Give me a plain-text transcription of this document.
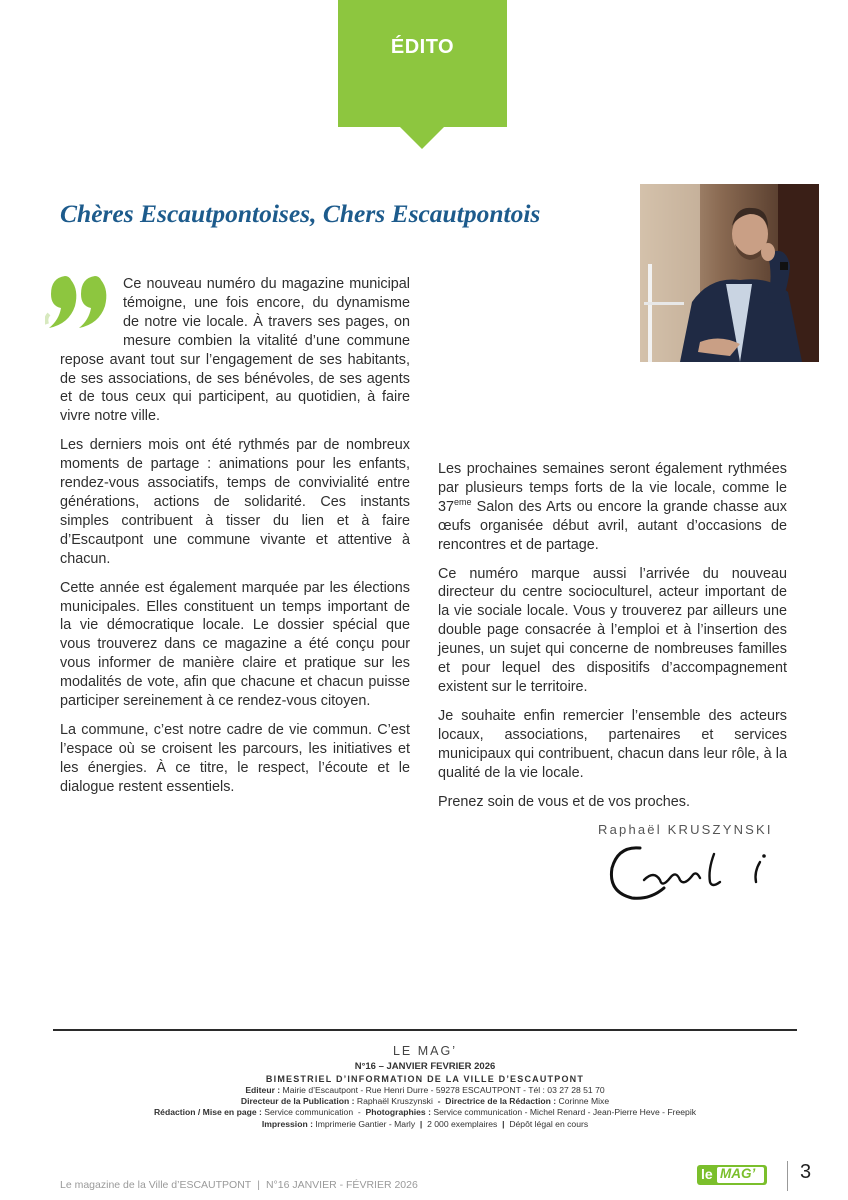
ÉDITO
Chères Escautpontoises, Chers Escautpontois

Ce nouveau numéro du magazine municipal témoigne, une fois encore, du dynamisme de notre vie locale. À travers ses pages, on mesure combien la vitalité d’une commune repose avant tout sur l’engagement de ses habitants, de ses associations, de ses bénévoles, de ses agents et de tous ceux qui participent, au quotidien, à faire vivre notre ville.

Les derniers mois ont été rythmés par de nombreux moments de partage : animations pour les enfants, rendez-vous associatifs, temps de convivialité entre générations, actions de solidarité. Ces instants simples contribuent à tisser du lien et à faire d’Escautpont une commune vivante et attentive à chacun.

Cette année est également marquée par les élections municipales. Elles constituent un temps important de la vie démocratique locale. Le dossier spécial que vous trouverez dans ce magazine a été conçu pour vous informer de manière claire et pratique sur les modalités de vote, afin que chacune et chacun puisse participer sereinement à ce rendez-vous citoyen.

La commune, c’est notre cadre de vie commun. C’est l’espace où se croisent les parcours, les initiatives et les énergies. À ce titre, le respect, l’écoute et le dialogue restent essentiels.

Les prochaines semaines seront également rythmées par plusieurs temps forts de la vie locale, comme le 37eme Salon des Arts ou encore la grande chasse aux œufs organisée début avril, autant d’occasions de rencontres et de partage.

Ce numéro marque aussi l’arrivée du nouveau directeur du centre socioculturel, acteur important de la vie sociale locale. Vous y trouverez par ailleurs une double page consacrée à l’emploi et à l’insertion des jeunes, un sujet qui concerne de nombreuses familles et pour lequel des dispositifs d’accompagnement existent sur le territoire.

Je souhaite enfin remercier l’ensemble des acteurs locaux, associations, partenaires et services municipaux qui contribuent, chacun dans leur rôle, à la qualité de la vie locale.

Prenez soin de vous et de vos proches.

Raphaël KRUSZYNSKI
LE MAG’
N°16 – JANVIER FEVRIER 2026
BIMESTRIEL D’INFORMATION DE LA VILLE D’ESCAUTPONT
Editeur : Mairie d’Escautpont - Rue Henri Durre - 59278 ESCAUTPONT - Tél : 03 27 28 51 70
Directeur de la Publication : Raphaël Kruszynski - Directrice de la Rédaction : Corinne Mixe
Rédaction / Mise en page : Service communication - Photographies : Service communication - Michel Renard - Jean-Pierre Heve - Freepik
Impression : Imprimerie Gantier - Marly | 2 000 exemplaires | Dépôt légal en cours
Le magazine de la Ville d’ESCAUTPONT | N°16 JANVIER - FÉVRIER 2026
le MAG’	3
